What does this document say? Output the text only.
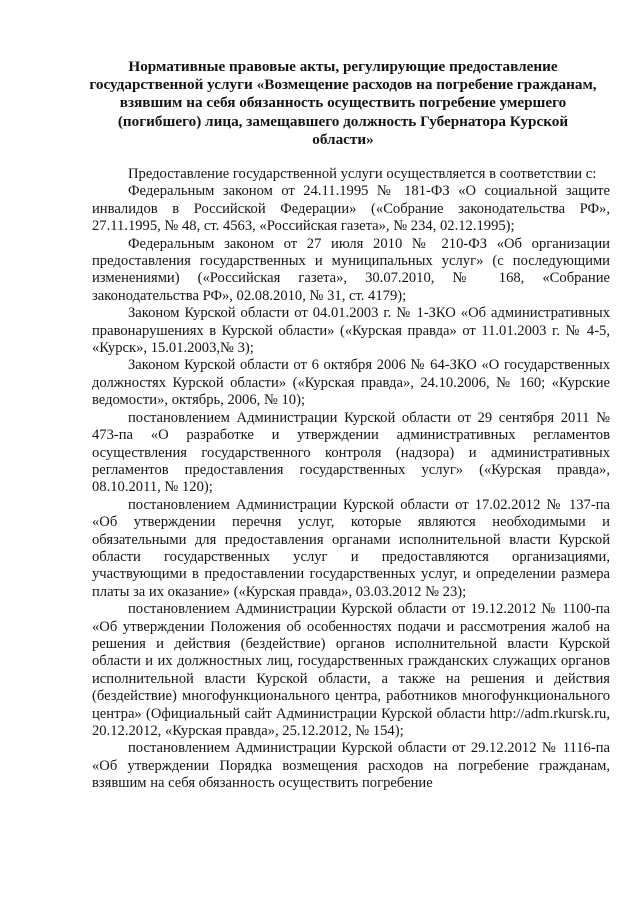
Нормативные правовые акты, регулирующие предоставление государственной услуги «Возмещение расходов на погребение гражданам, взявшим на себя обязанность осуществить погребение умершего (погибшего) лица, замещавшего должность Губернатора Курской области»

Предоставление государственной услуги осуществляется в соответствии с:

Федеральным законом от 24.11.1995 № 181-ФЗ «О социальной защите инвалидов в Российской Федерации» («Собрание законодательства РФ», 27.11.1995, № 48, ст. 4563, «Российская газета», № 234, 02.12.1995);

Федеральным законом от 27 июля 2010 № 210-ФЗ «Об организации предоставления государственных и муниципальных услуг» (с последующими изменениями) («Российская газета», 30.07.2010, № 168, «Собрание законодательства РФ», 02.08.2010, № 31, ст. 4179);

Законом Курской области от 04.01.2003 г. № 1-ЗКО «Об административных правонарушениях в Курской области» («Курская правда» от 11.01.2003 г. № 4-5, «Курск», 15.01.2003,№ 3);

Законом Курской области от 6 октября 2006 № 64-ЗКО «О государственных должностях Курской области» («Курская правда», 24.10.2006, № 160; «Курские ведомости», октябрь, 2006, № 10);

постановлением Администрации Курской области от 29 сентября 2011 № 473-па «О разработке и утверждении административных регламентов осуществления государственного контроля (надзора) и административных регламентов предоставления государственных услуг» («Курская правда», 08.10.2011, № 120);

постановлением Администрации Курской области от 17.02.2012 № 137-па «Об утверждении перечня услуг, которые являются необходимыми и обязательными для предоставления органами исполнительной власти Курской области государственных услуг и предоставляются организациями, участвующими в предоставлении государственных услуг, и определении размера платы за их оказание» («Курская правда», 03.03.2012 № 23);

постановлением Администрации Курской области от 19.12.2012 № 1100-па «Об утверждении Положения об особенностях подачи и рассмотрения жалоб на решения и действия (бездействие) органов исполнительной власти Курской области и их должностных лиц, государственных гражданских служащих органов исполнительной власти Курской области, а также на решения и действия (бездействие) многофункционального центра, работников многофункционального центра» (Официальный сайт Администрации Курской области http://adm.rkursk.ru, 20.12.2012, «Курская правда», 25.12.2012, № 154);

постановлением Администрации Курской области от 29.12.2012 № 1116-па «Об утверждении Порядка возмещения расходов на погребение гражданам, взявшим на себя обязанность осуществить погребение
